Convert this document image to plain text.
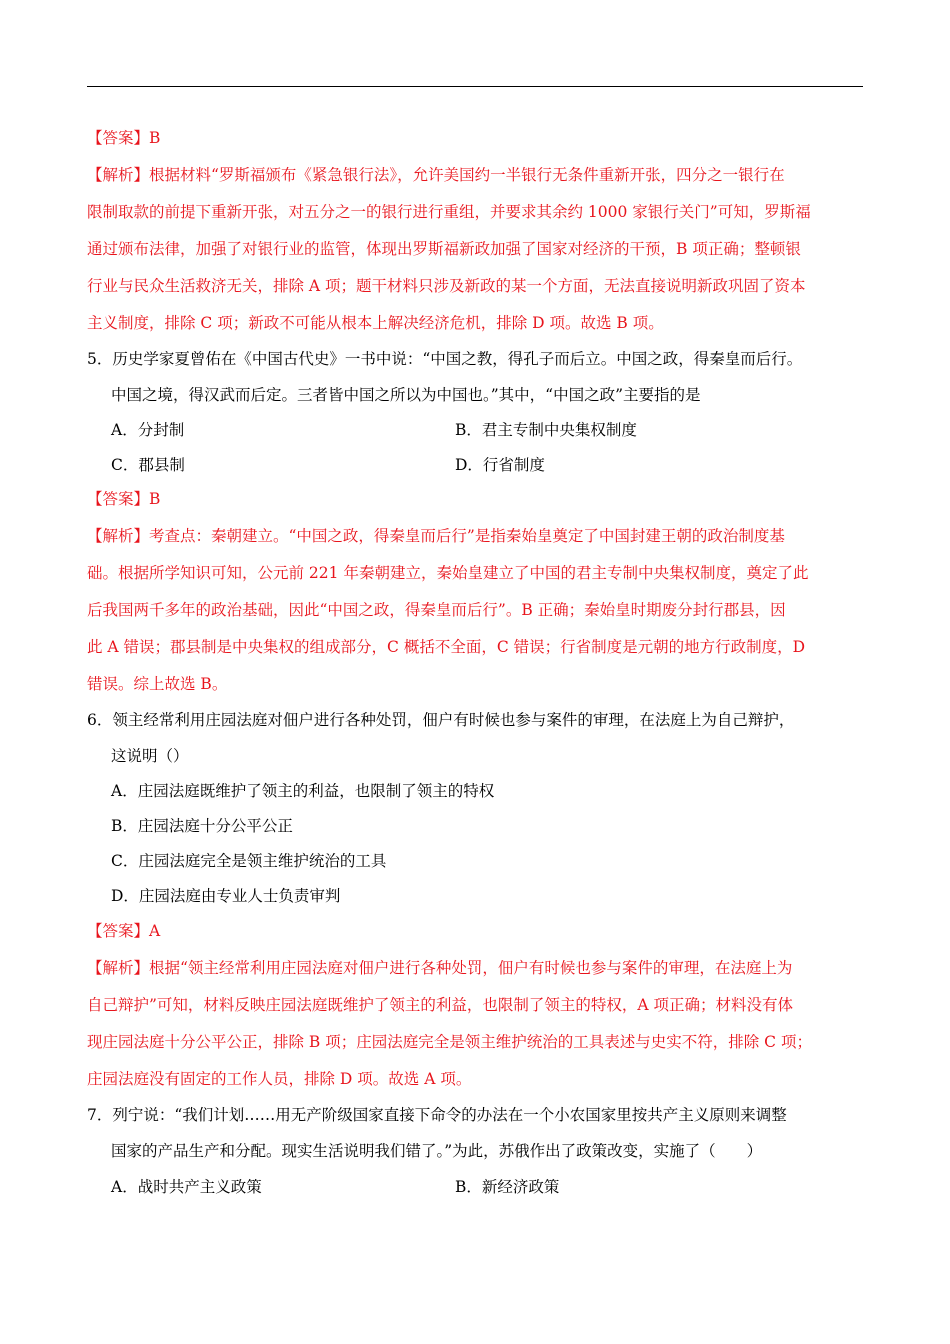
【答案】B
【解析】根据材料“罗斯福颁布《紧急银行法》，允许美国约一半银行无条件重新开张，四分之一银行在
限制取款的前提下重新开张，对五分之一的银行进行重组，并要求其余约 1000 家银行关门”可知，罗斯福
通过颁布法律，加强了对银行业的监管，体现出罗斯福新政加强了国家对经济的干预，B 项正确；整顿银
行业与民众生活救济无关，排除 A 项；题干材料只涉及新政的某一个方面，无法直接说明新政巩固了资本
主义制度，排除 C 项；新政不可能从根本上解决经济危机，排除 D 项。故选 B 项。
5．历史学家夏曾佑在《中国古代史》一书中说：“中国之教，得孔子而后立。中国之政，得秦皇而后行。
中国之境，得汉武而后定。三者皆中国之所以为中国也。”其中，“中国之政”主要指的是
A．分封制	B．君主专制中央集权制度
C．郡县制	D．行省制度
【答案】B
【解析】考查点：秦朝建立。“中国之政，得秦皇而后行”是指秦始皇奠定了中国封建王朝的政治制度基
础。根据所学知识可知，公元前 221 年秦朝建立，秦始皇建立了中国的君主专制中央集权制度，奠定了此
后我国两千多年的政治基础，因此“中国之政，得秦皇而后行”。B 正确；秦始皇时期废分封行郡县，因
此 A 错误；郡县制是中央集权的组成部分，C 概括不全面，C 错误；行省制度是元朝的地方行政制度，D
错误。综上故选 B。
6．领主经常利用庄园法庭对佃户进行各种处罚，佃户有时候也参与案件的审理，在法庭上为自己辩护，
这说明（）
A．庄园法庭既维护了领主的利益，也限制了领主的特权
B．庄园法庭十分公平公正
C．庄园法庭完全是领主维护统治的工具
D．庄园法庭由专业人士负责审判
【答案】A
【解析】根据“领主经常利用庄园法庭对佃户进行各种处罚，佃户有时候也参与案件的审理，在法庭上为
自己辩护”可知，材料反映庄园法庭既维护了领主的利益，也限制了领主的特权，A 项正确；材料没有体
现庄园法庭十分公平公正，排除 B 项；庄园法庭完全是领主维护统治的工具表述与史实不符，排除 C 项；
庄园法庭没有固定的工作人员，排除 D 项。故选 A 项。
7．列宁说：“我们计划……用无产阶级国家直接下命令的办法在一个小农国家里按共产主义原则来调整
国家的产品生产和分配。现实生活说明我们错了。”为此，苏俄作出了政策改变，实施了（　　）
A．战时共产主义政策	B．新经济政策
